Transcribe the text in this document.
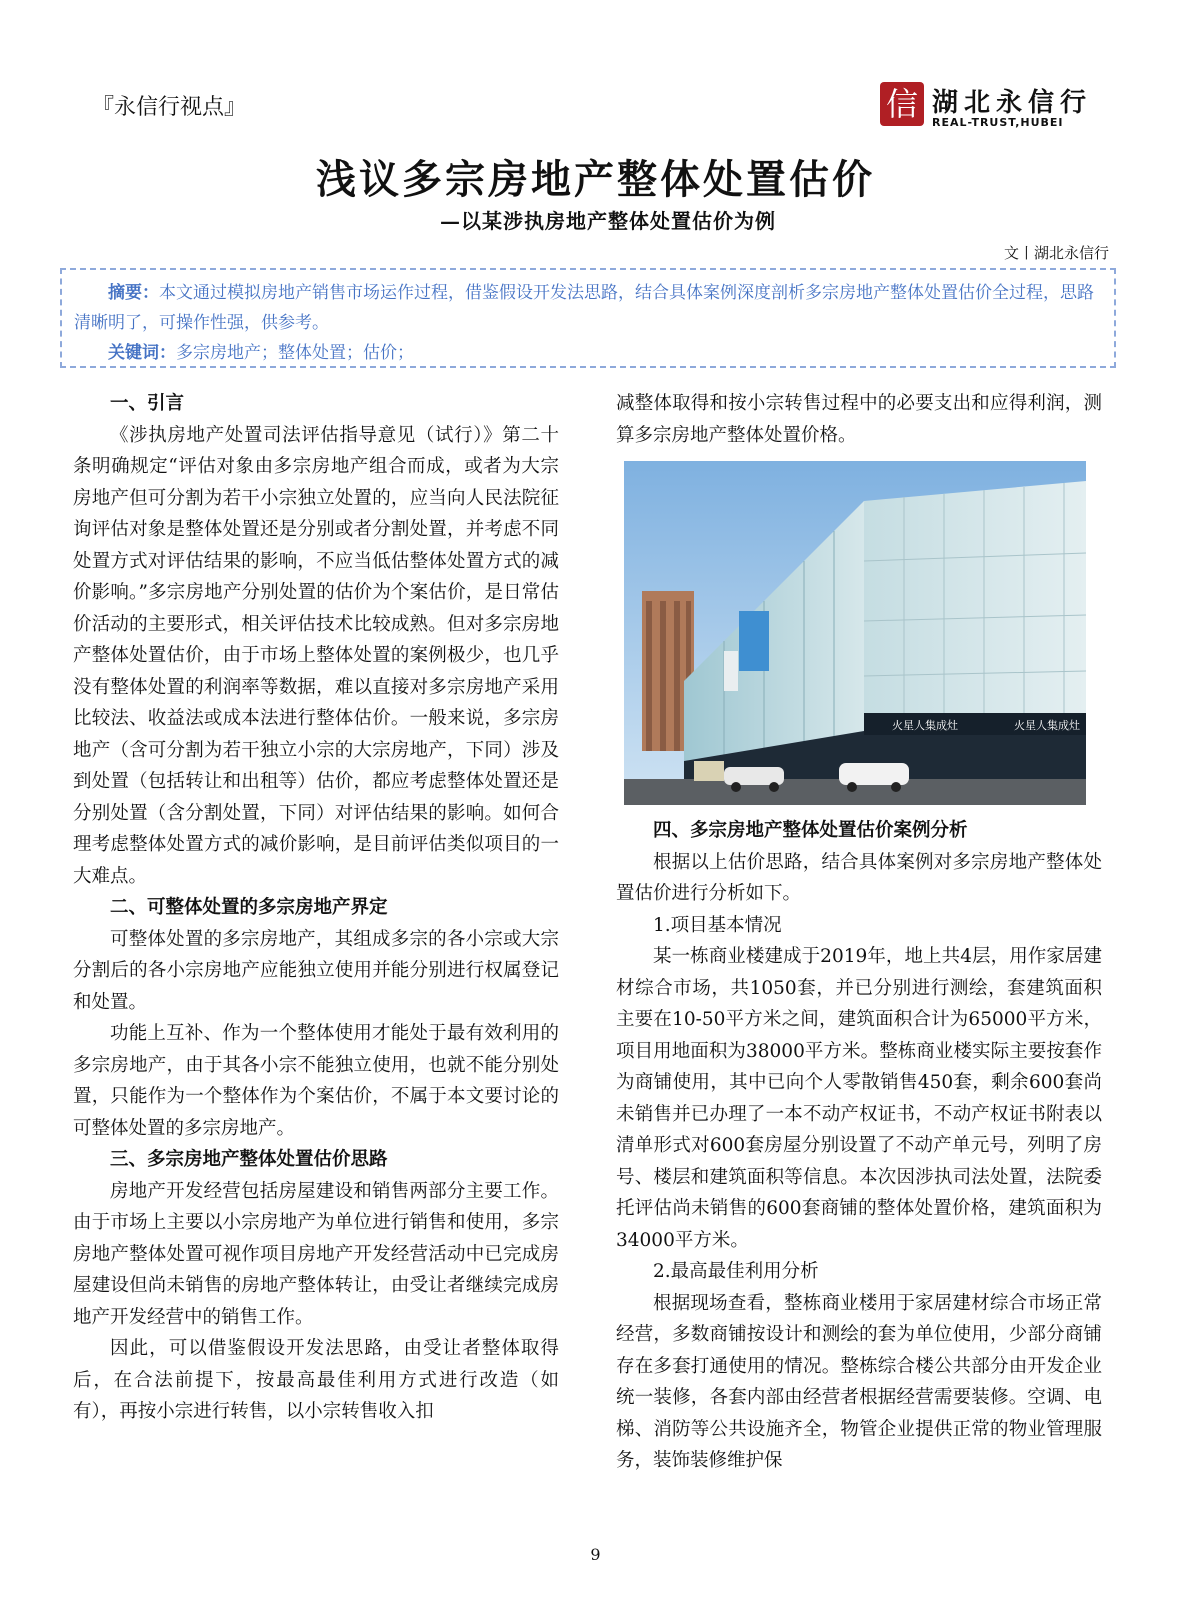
『永信行视点』	信 湖北永信行
REAL-TRUST,HUBEI
浅议多宗房地产整体处置估价
—以某涉执房地产整体处置估价为例
文丨湖北永信行
摘要：本文通过模拟房地产销售市场运作过程，借鉴假设开发法思路，结合具体案例深度剖析多宗房地产整体处置估价全过程，思路清晰明了，可操作性强，供参考。
关键词：多宗房地产；整体处置；估价；
一、引言

《涉执房地产处置司法评估指导意见（试行）》第二十条明确规定“评估对象由多宗房地产组合而成，或者为大宗房地产但可分割为若干小宗独立处置的，应当向人民法院征询评估对象是整体处置还是分别或者分割处置，并考虑不同处置方式对评估结果的影响，不应当低估整体处置方式的减价影响。”多宗房地产分别处置的估价为个案估价，是日常估价活动的主要形式，相关评估技术比较成熟。但对多宗房地产整体处置估价，由于市场上整体处置的案例极少，也几乎没有整体处置的利润率等数据，难以直接对多宗房地产采用比较法、收益法或成本法进行整体估价。一般来说，多宗房地产（含可分割为若干独立小宗的大宗房地产，下同）涉及到处置（包括转让和出租等）估价，都应考虑整体处置还是分别处置（含分割处置，下同）对评估结果的影响。如何合理考虑整体处置方式的减价影响，是目前评估类似项目的一大难点。

二、可整体处置的多宗房地产界定

可整体处置的多宗房地产，其组成多宗的各小宗或大宗分割后的各小宗房地产应能独立使用并能分别进行权属登记和处置。

功能上互补、作为一个整体使用才能处于最有效利用的多宗房地产，由于其各小宗不能独立使用，也就不能分别处置，只能作为一个整体作为个案估价，不属于本文要讨论的可整体处置的多宗房地产。

三、多宗房地产整体处置估价思路

房地产开发经营包括房屋建设和销售两部分主要工作。由于市场上主要以小宗房地产为单位进行销售和使用，多宗房地产整体处置可视作项目房地产开发经营活动中已完成房屋建设但尚未销售的房地产整体转让，由受让者继续完成房地产开发经营中的销售工作。

因此，可以借鉴假设开发法思路，由受让者整体取得后，在合法前提下，按最高最佳利用方式进行改造（如有），再按小宗进行转售，以小宗转售收入扣

减整体取得和按小宗转售过程中的必要支出和应得利润，测算多宗房地产整体处置价格。

火星人集成灶	火星人集成灶
四、多宗房地产整体处置估价案例分析

根据以上估价思路，结合具体案例对多宗房地产整体处置估价进行分析如下。

1.项目基本情况

某一栋商业楼建成于2019年，地上共4层，用作家居建材综合市场，共1050套，并已分别进行测绘，套建筑面积主要在10-50平方米之间，建筑面积合计为65000平方米，项目用地面积为38000平方米。整栋商业楼实际主要按套作为商铺使用，其中已向个人零散销售450套，剩余600套尚未销售并已办理了一本不动产权证书，不动产权证书附表以清单形式对600套房屋分别设置了不动产单元号，列明了房号、楼层和建筑面积等信息。本次因涉执司法处置，法院委托评估尚未销售的600套商铺的整体处置价格，建筑面积为34000平方米。

2.最高最佳利用分析

根据现场查看，整栋商业楼用于家居建材综合市场正常经营，多数商铺按设计和测绘的套为单位使用，少部分商铺存在多套打通使用的情况。整栋综合楼公共部分由开发企业统一装修，各套内部由经营者根据经营需要装修。空调、电梯、消防等公共设施齐全，物管企业提供正常的物业管理服务，装饰装修维护保

9
